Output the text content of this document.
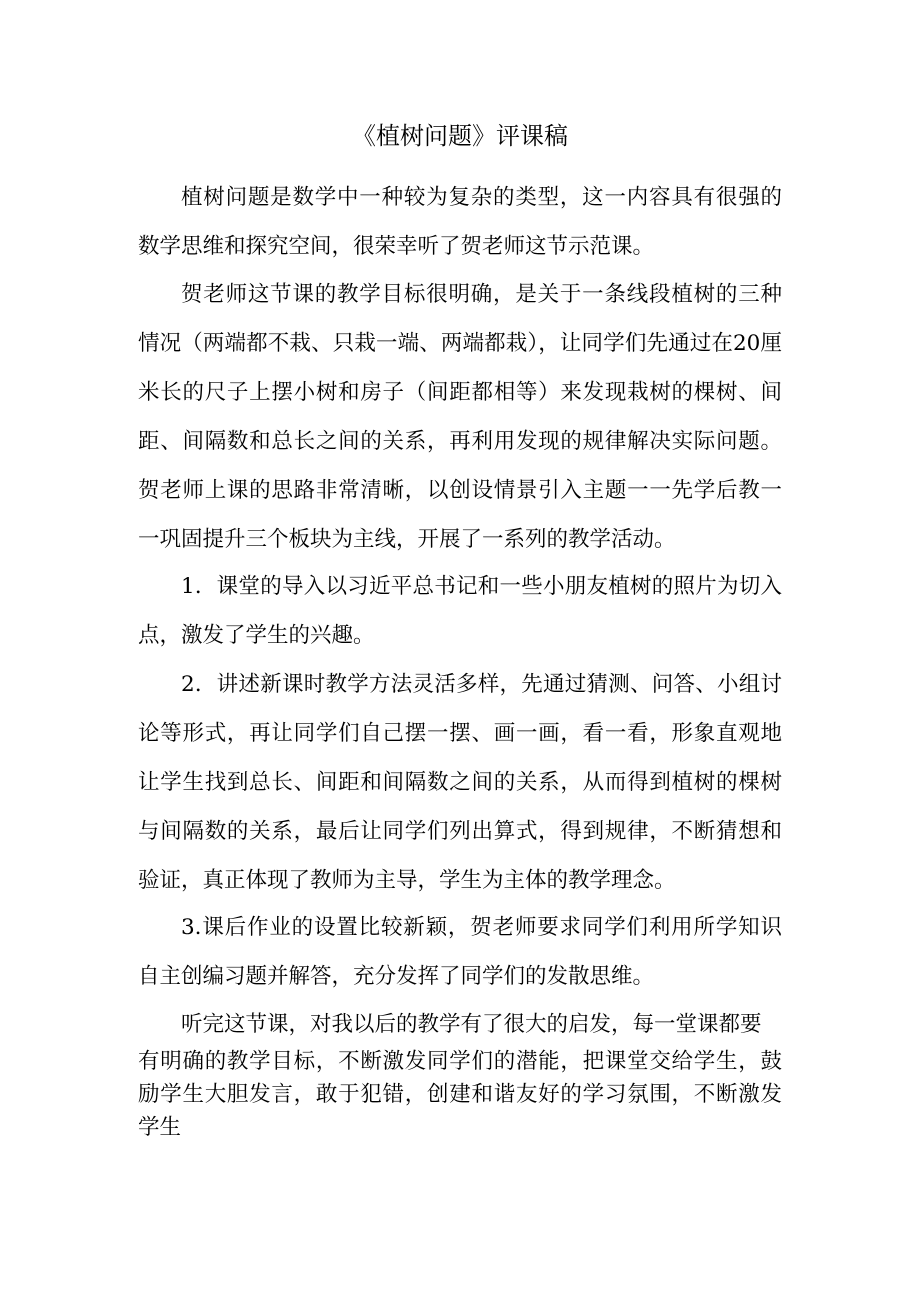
《植树问题》评课稿

植树问题是数学中一种较为复杂的类型，这一内容具有很强的数学思维和探究空间，很荣幸听了贺老师这节示范课。

贺老师这节课的教学目标很明确，是关于一条线段植树的三种情况（两端都不栽、只栽一端、两端都栽），让同学们先通过在20厘米长的尺子上摆小树和房子（间距都相等）来发现栽树的棵树、间距、间隔数和总长之间的关系，再利用发现的规律解决实际问题。贺老师上课的思路非常清晰，以创设情景引入主题一一先学后教一一巩固提升三个板块为主线，开展了一系列的教学活动。

1．课堂的导入以习近平总书记和一些小朋友植树的照片为切入点，激发了学生的兴趣。

2．讲述新课时教学方法灵活多样，先通过猜测、问答、小组讨论等形式，再让同学们自己摆一摆、画一画，看一看，形象直观地让学生找到总长、间距和间隔数之间的关系，从而得到植树的棵树与间隔数的关系，最后让同学们列出算式，得到规律，不断猜想和验证，真正体现了教师为主导，学生为主体的教学理念。

3.课后作业的设置比较新颖，贺老师要求同学们利用所学知识自主创编习题并解答，充分发挥了同学们的发散思维。

听完这节课，对我以后的教学有了很大的启发，每一堂课都要

有明确的教学目标，不断激发同学们的潜能，把课堂交给学生，鼓励学生大胆发言，敢于犯错，创建和谐友好的学习氛围，不断激发学生
